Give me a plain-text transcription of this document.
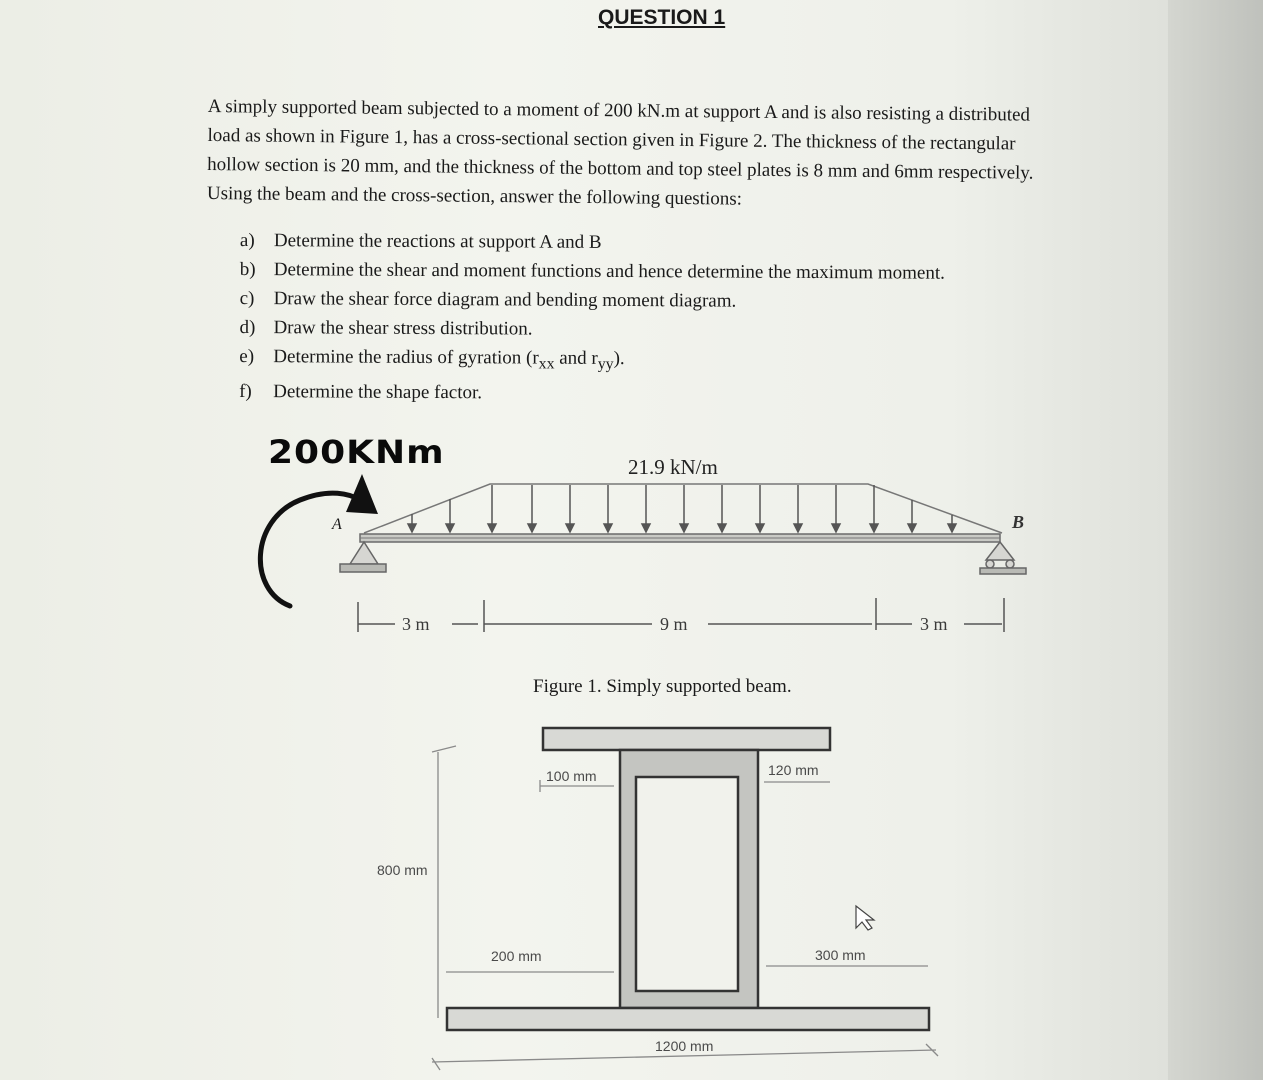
QUESTION 1
A simply supported beam subjected to a moment of 200 kN.m at support A and is also resisting a distributed
load as shown in Figure 1, has a cross-sectional section given in Figure 2. The thickness of the rectangular
hollow section is 20 mm, and the thickness of the bottom and top steel plates is 8 mm and 6mm respectively.
Using the beam and the cross-section, answer the following questions:
a)	Determine the reactions at support A and B
b) Determine the shear and moment functions and hence determine the maximum moment.
c)	Draw the shear force diagram and bending moment diagram.
d) Draw the shear stress distribution.
e)	Determine the radius of gyration ($r_{xx}$ and $r_{yy}$).
f)	Determine the shape factor.
200KNm	21.9 kN/m
A	B
3 m	9 m	3 m
Figure 1. Simply supported beam.
800 mm
100 mm	120 mm
200 mm	300 mm
1200 mm
